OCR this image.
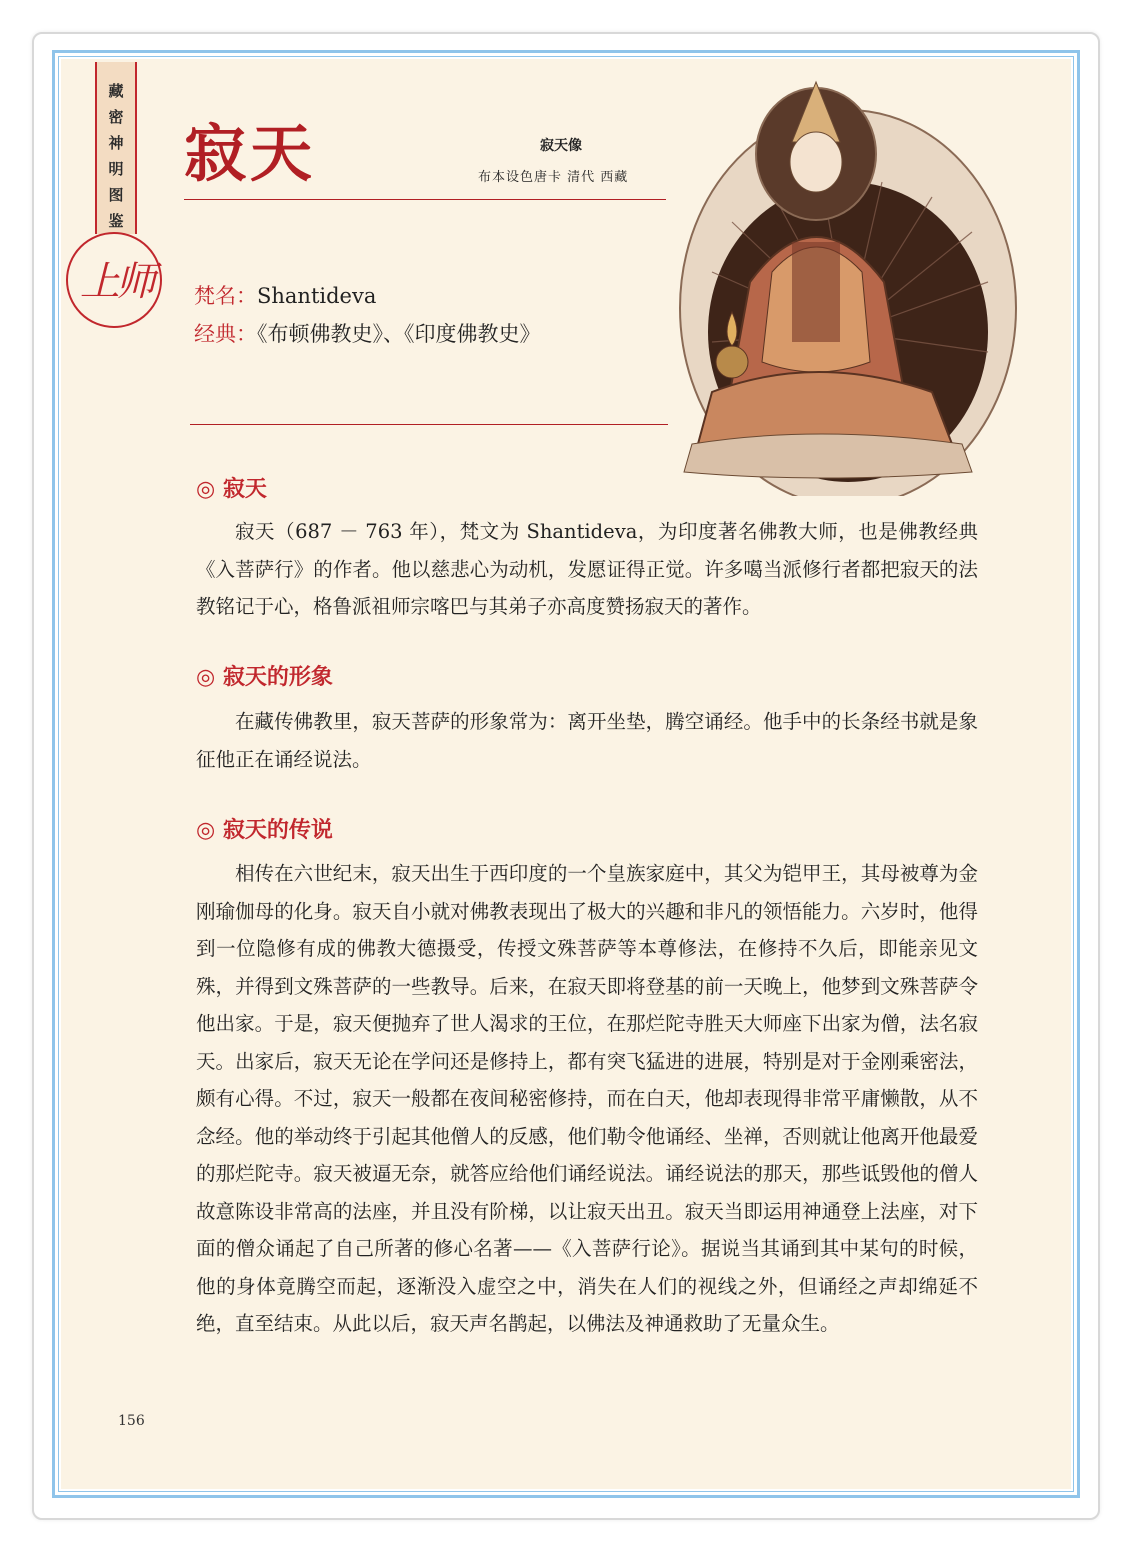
藏
密
神
明
图
鉴
上师
寂天	寂天像
布本设色唐卡 清代 西藏
梵名：Shantideva
经典：《布顿佛教史》、《印度佛教史》
◎ 寂天

寂天（687 － 763 年），梵文为 Shantideva，为印度著名佛教大师，也是佛教经典《入菩萨行》的作者。他以慈悲心为动机，发愿证得正觉。许多噶当派修行者都把寂天的法教铭记于心，格鲁派祖师宗喀巴与其弟子亦高度赞扬寂天的著作。

◎ 寂天的形象

在藏传佛教里，寂天菩萨的形象常为：离开坐垫，腾空诵经。他手中的长条经书就是象征他正在诵经说法。

◎ 寂天的传说

相传在六世纪末，寂天出生于西印度的一个皇族家庭中，其父为铠甲王，其母被尊为金刚瑜伽母的化身。寂天自小就对佛教表现出了极大的兴趣和非凡的领悟能力。六岁时，他得到一位隐修有成的佛教大德摄受，传授文殊菩萨等本尊修法，在修持不久后，即能亲见文殊，并得到文殊菩萨的一些教导。后来，在寂天即将登基的前一天晚上，他梦到文殊菩萨令他出家。于是，寂天便抛弃了世人渴求的王位，在那烂陀寺胜天大师座下出家为僧，法名寂天。出家后，寂天无论在学问还是修持上，都有突飞猛进的进展，特别是对于金刚乘密法，颇有心得。不过，寂天一般都在夜间秘密修持，而在白天，他却表现得非常平庸懒散，从不念经。他的举动终于引起其他僧人的反感，他们勒令他诵经、坐禅，否则就让他离开他最爱的那烂陀寺。寂天被逼无奈，就答应给他们诵经说法。诵经说法的那天，那些诋毁他的僧人故意陈设非常高的法座，并且没有阶梯，以让寂天出丑。寂天当即运用神通登上法座，对下面的僧众诵起了自己所著的修心名著——《入菩萨行论》。据说当其诵到其中某句的时候，他的身体竟腾空而起，逐渐没入虚空之中，消失在人们的视线之外，但诵经之声却绵延不绝，直至结束。从此以后，寂天声名鹊起，以佛法及神通救助了无量众生。

156
